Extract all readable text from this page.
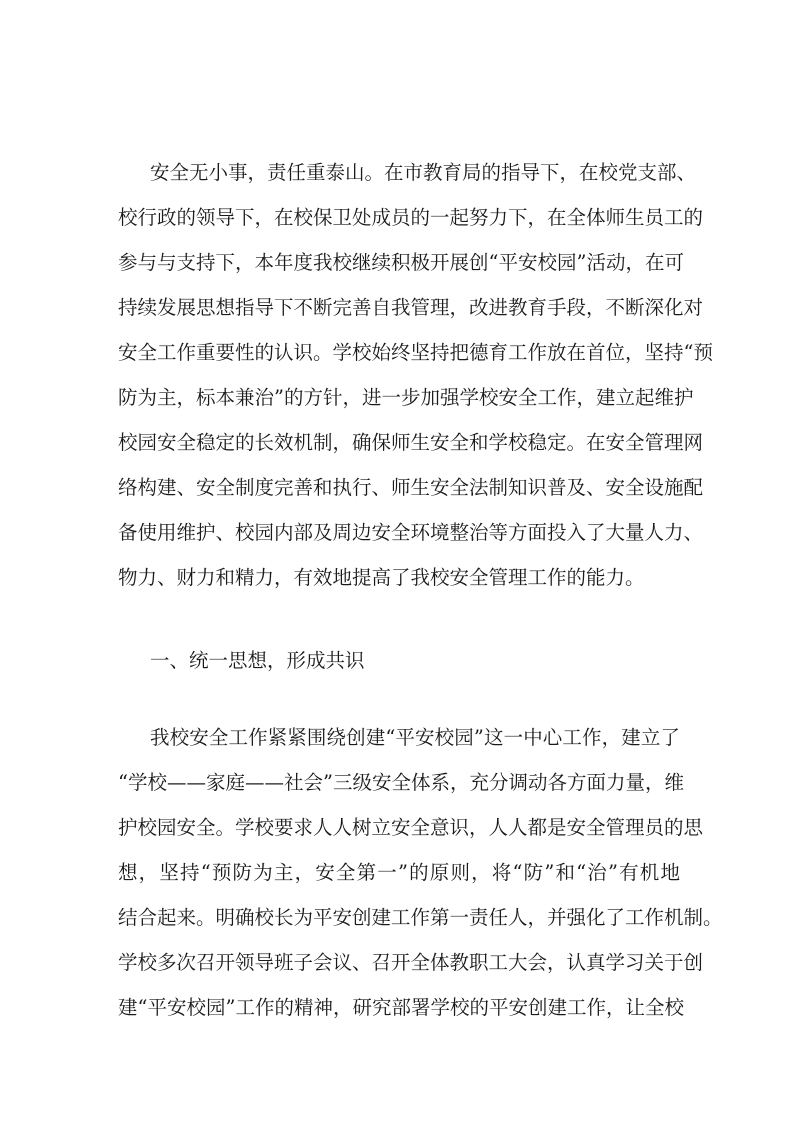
安全无小事，责任重泰山。在市教育局的指导下，在校党支部、
校行政的领导下，在校保卫处成员的一起努力下，在全体师生员工的
参与与支持下，本年度我校继续积极开展创“平安校园”活动，在可
持续发展思想指导下不断完善自我管理，改进教育手段，不断深化对
安全工作重要性的认识。学校始终坚持把德育工作放在首位，坚持“预
防为主，标本兼治”的方针，进一步加强学校安全工作，建立起维护
校园安全稳定的长效机制，确保师生安全和学校稳定。在安全管理网
络构建、安全制度完善和执行、师生安全法制知识普及、安全设施配
备使用维护、校园内部及周边安全环境整治等方面投入了大量人力、
物力、财力和精力，有效地提高了我校安全管理工作的能力。
一、统一思想，形成共识
我校安全工作紧紧围绕创建“平安校园”这一中心工作，建立了
“学校——家庭——社会”三级安全体系，充分调动各方面力量，维
护校园安全。学校要求人人树立安全意识，人人都是安全管理员的思
想，坚持“预防为主，安全第一”的原则，将“防”和“治”有机地
结合起来。明确校长为平安创建工作第一责任人，并强化了工作机制。
学校多次召开领导班子会议、召开全体教职工大会，认真学习关于创
建“平安校园”工作的精神，研究部署学校的平安创建工作，让全校
